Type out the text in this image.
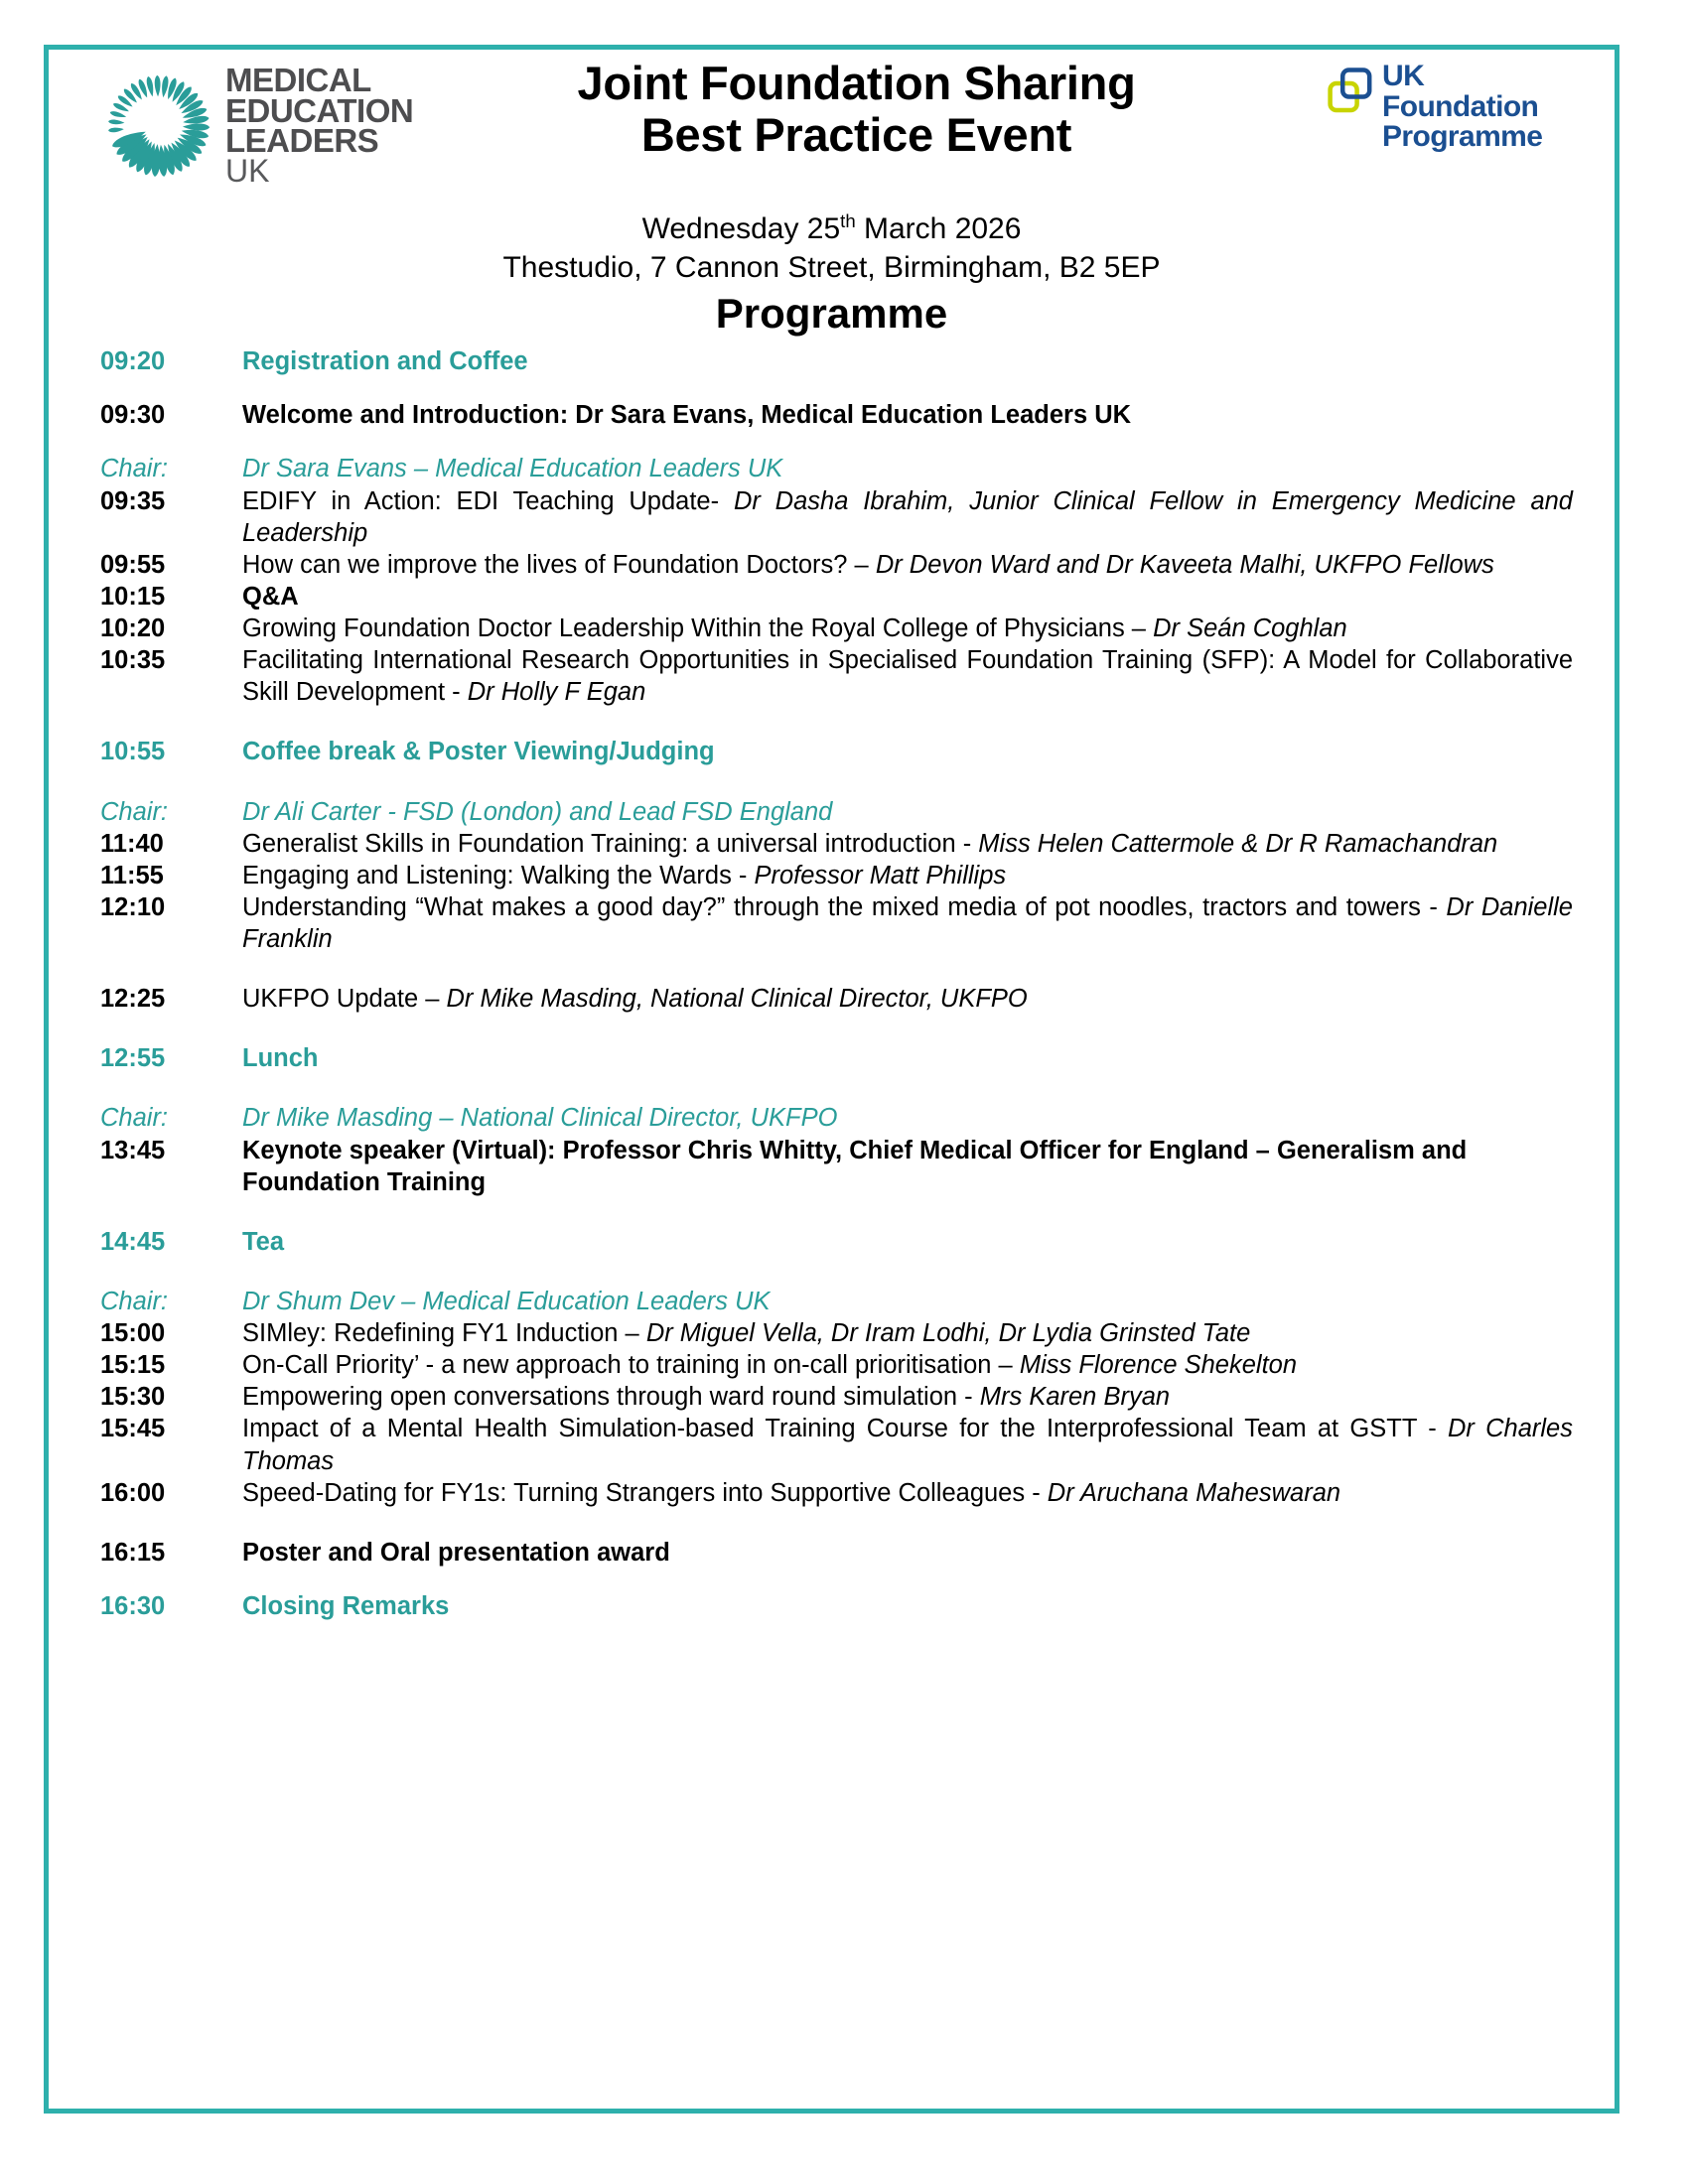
MEDICAL
EDUCATION
LEADERS
UK
Joint Foundation Sharing
Best Practice Event
UK
Foundation
Programme
Wednesday 25th March 2026
Thestudio, 7 Cannon Street, Birmingham, B2 5EP
Programme
09:20	Registration and Coffee
09:30	Welcome and Introduction: Dr Sara Evans, Medical Education Leaders UK
Chair:	Dr Sara Evans – Medical Education Leaders UK
09:35	EDIFY in Action: EDI Teaching Update- Dr Dasha Ibrahim, Junior Clinical Fellow in Emergency Medicine and Leadership
09:55	How can we improve the lives of Foundation Doctors? – Dr Devon Ward and Dr Kaveeta Malhi, UKFPO Fellows
10:15	Q&A
10:20	Growing Foundation Doctor Leadership Within the Royal College of Physicians – Dr Seán Coghlan
10:35	Facilitating International Research Opportunities in Specialised Foundation Training (SFP): A Model for Collaborative Skill Development - Dr Holly F Egan
10:55	Coffee break & Poster Viewing/Judging
Chair:	Dr Ali Carter - FSD (London) and Lead FSD England
11:40	Generalist Skills in Foundation Training: a universal introduction - Miss Helen Cattermole & Dr R Ramachandran
11:55	Engaging and Listening: Walking the Wards - Professor Matt Phillips
12:10	Understanding “What makes a good day?” through the mixed media of pot noodles, tractors and towers - Dr Danielle Franklin
12:25	UKFPO Update – Dr Mike Masding, National Clinical Director, UKFPO
12:55	Lunch
Chair:	Dr Mike Masding – National Clinical Director, UKFPO
13:45	Keynote speaker (Virtual): Professor Chris Whitty, Chief Medical Officer for England – Generalism and Foundation Training
14:45	Tea
Chair:	Dr Shum Dev – Medical Education Leaders UK
15:00	SIMley: Redefining FY1 Induction – Dr Miguel Vella, Dr Iram Lodhi, Dr Lydia Grinsted Tate
15:15	On-Call Priority’ - a new approach to training in on-call prioritisation – Miss Florence Shekelton
15:30	Empowering open conversations through ward round simulation - Mrs Karen Bryan
15:45	Impact of a Mental Health Simulation-based Training Course for the Interprofessional Team at GSTT - Dr Charles Thomas
16:00	Speed-Dating for FY1s: Turning Strangers into Supportive Colleagues - Dr Aruchana Maheswaran
16:15	Poster and Oral presentation award
16:30	Closing Remarks
